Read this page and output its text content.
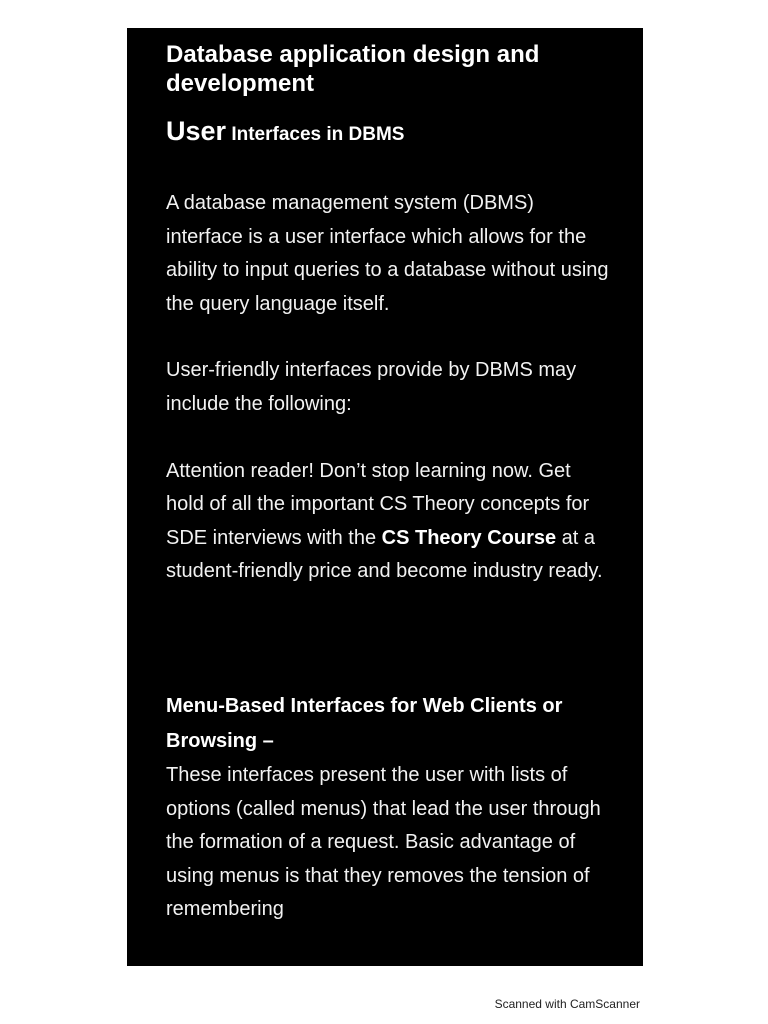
Database application design and development
User Interfaces in DBMS

A database management system (DBMS) interface is a user interface which allows for the ability to input queries to a database without using the query language itself.

User-friendly interfaces provide by DBMS may include the following:

Attention reader! Don’t stop learning now. Get hold of all the important CS Theory concepts for SDE interviews with the CS Theory Course at a student-friendly price and become industry ready.

Menu-Based Interfaces for Web Clients or Browsing –

These interfaces present the user with lists of options (called menus) that lead the user through the formation of a request. Basic advantage of using menus is that they removes the tension of remembering

Scanned with CamScanner
